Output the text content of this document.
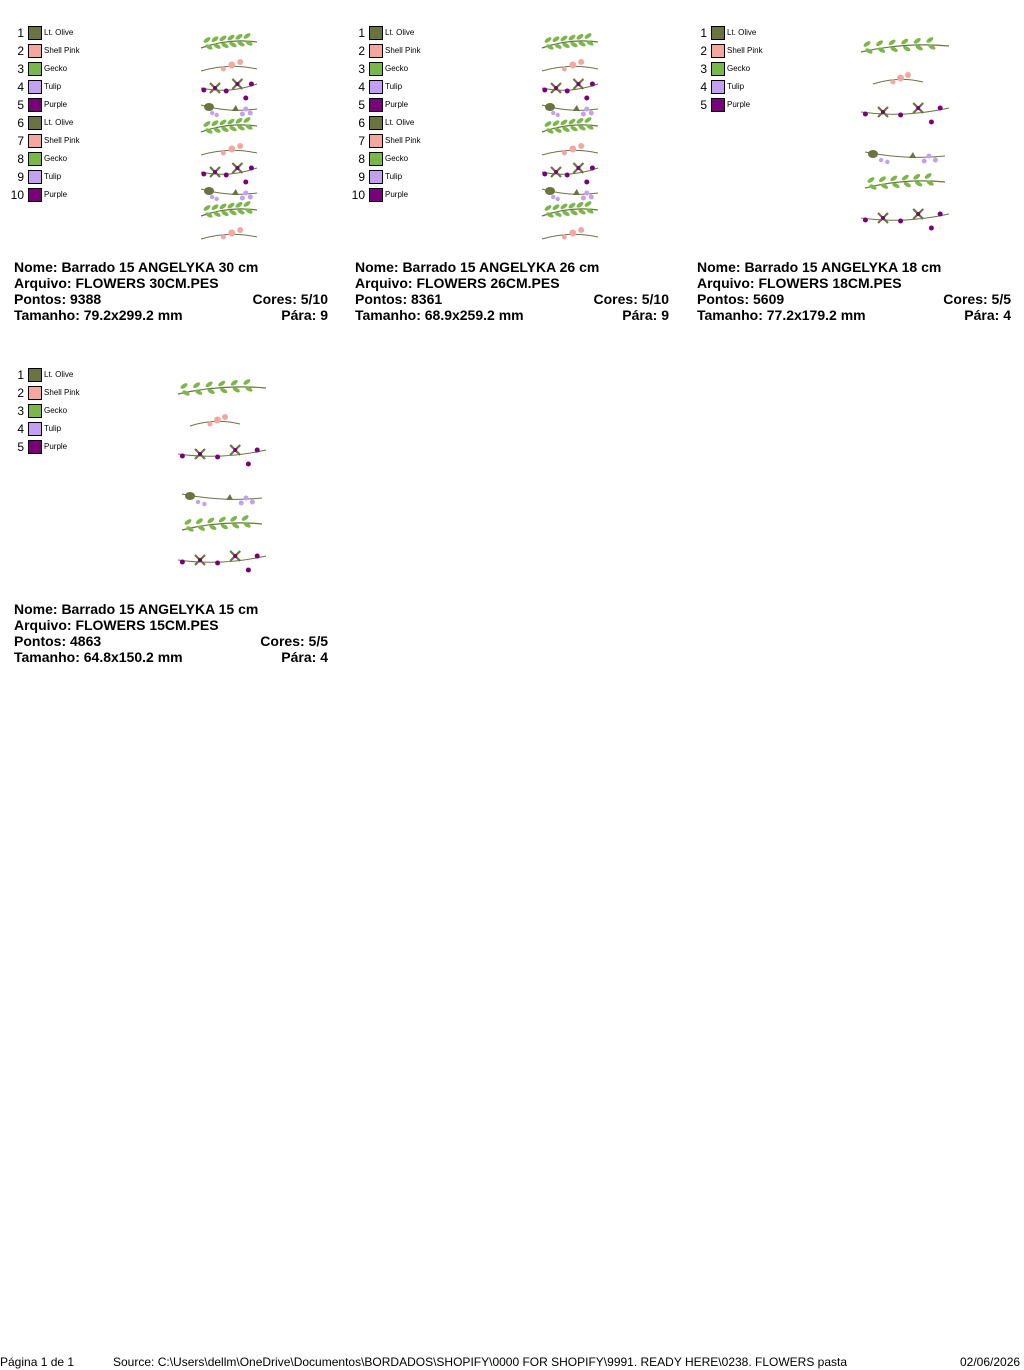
1	Lt. Olive
2	Shell Pink
3	Gecko
4	Tulip
5	Purple
6	Lt. Olive
7	Shell Pink
8	Gecko
9	Tulip
10	Purple
Nome: Barrado 15 ANGELYKA 30 cm
Arquivo: FLOWERS 30CM.PES
Pontos: 9388	Cores: 5/10
Tamanho: 79.2x299.2 mm	Pára: 9
1	Lt. Olive
2	Shell Pink
3	Gecko
4	Tulip
5	Purple
6	Lt. Olive
7	Shell Pink
8	Gecko
9	Tulip
10	Purple
Nome: Barrado 15 ANGELYKA 26 cm
Arquivo: FLOWERS 26CM.PES
Pontos: 8361	Cores: 5/10
Tamanho: 68.9x259.2 mm	Pára: 9
1	Lt. Olive
2	Shell Pink
3	Gecko
4	Tulip
5	Purple
Nome: Barrado 15 ANGELYKA 18 cm
Arquivo: FLOWERS 18CM.PES
Pontos: 5609	Cores: 5/5
Tamanho: 77.2x179.2 mm	Pára: 4
1	Lt. Olive
2	Shell Pink
3	Gecko
4	Tulip
5	Purple
Nome: Barrado 15 ANGELYKA 15 cm
Arquivo: FLOWERS 15CM.PES
Pontos: 4863	Cores: 5/5
Tamanho: 64.8x150.2 mm	Pára: 4
Página 1 de 1	Source: C:\Users\dellm\OneDrive\Documentos\BORDADOS\SHOPIFY\0000 FOR SHOPIFY\9991. READY HERE\0238. FLOWERS pasta	02/06/2026
